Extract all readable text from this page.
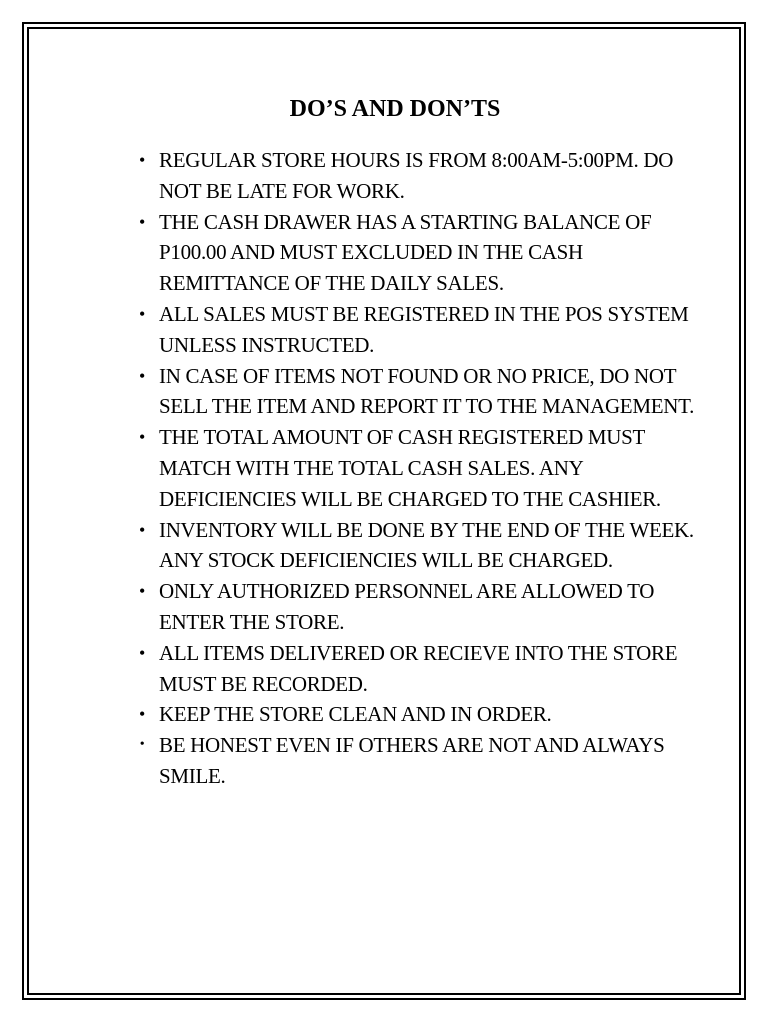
DO’S AND DON’TS
• REGULAR STORE HOURS IS FROM 8:00AM-5:00PM. DO NOT BE LATE FOR WORK.
• THE CASH DRAWER HAS A STARTING BALANCE OF P100.00 AND MUST EXCLUDED IN THE CASH REMITTANCE OF THE DAILY SALES.
• ALL SALES MUST BE REGISTERED IN THE POS SYSTEM UNLESS INSTRUCTED.
• IN CASE OF ITEMS NOT FOUND OR NO PRICE, DO NOT SELL THE ITEM AND REPORT IT TO THE MANAGEMENT.
• THE TOTAL AMOUNT OF CASH REGISTERED MUST MATCH WITH THE TOTAL CASH SALES. ANY DEFICIENCIES WILL BE CHARGED TO THE CASHIER.
• INVENTORY WILL BE DONE BY THE END OF THE WEEK. ANY STOCK DEFICIENCIES WILL BE CHARGED.
• ONLY AUTHORIZED PERSONNEL ARE ALLOWED TO ENTER THE STORE.
• ALL ITEMS DELIVERED OR RECIEVE INTO THE STORE MUST BE RECORDED.
• KEEP THE STORE CLEAN AND IN ORDER.
• BE HONEST EVEN IF OTHERS ARE NOT AND ALWAYS SMILE.
